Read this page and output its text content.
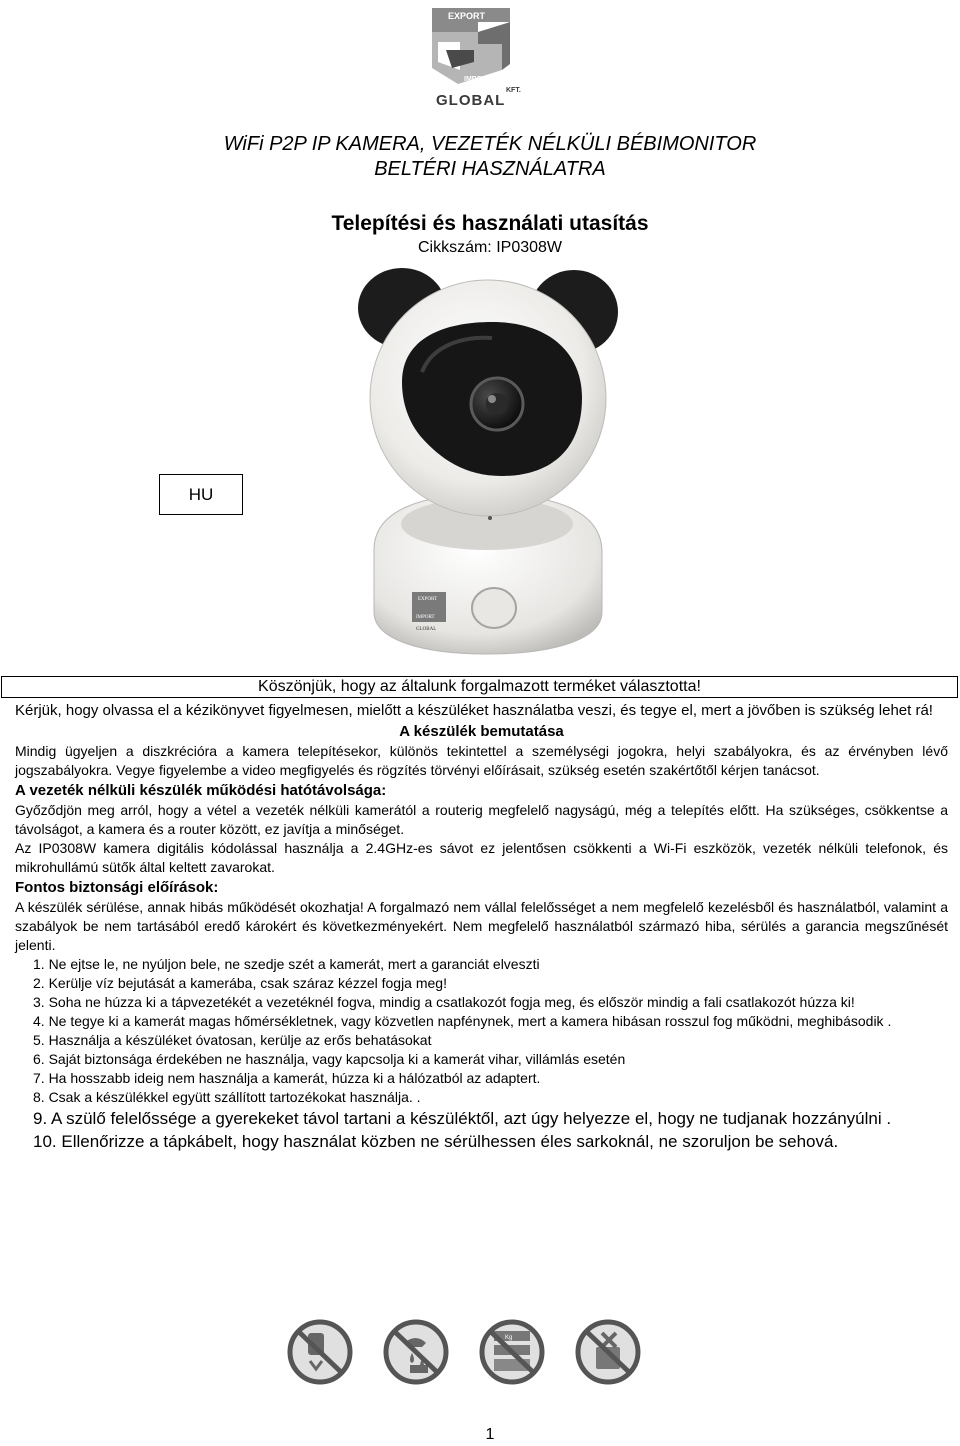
EXPORT
IMPORT
KFT.
GLOBAL
WiFi P2P IP KAMERA, VEZETÉK NÉLKÜLI BÉBIMONITOR
BELTÉRI HASZNÁLATRA
Telepítési és használati utasítás
Cikkszám: IP0308W
EXPORT
IMPORT
GLOBAL
HU
Köszönjük, hogy az általunk forgalmazott terméket választotta!

Kérjük, hogy olvassa el a kézikönyvet figyelmesen, mielőtt a készüléket használatba veszi, és tegye el, mert a jövőben is szükség lehet rá!

A készülék bemutatása

Mindig ügyeljen a diszkrécióra a kamera telepítésekor, különös tekintettel a személységi jogokra, helyi szabályokra, és az érvényben lévő jogszabályokra. Vegye figyelembe a video megfigyelés és rögzítés törvényi előírásait, szükség esetén szakértőtől kérjen tanácsot.

A vezeték nélküli készülék működési hatótávolsága:

Győződjön meg arról, hogy a vétel a vezeték nélküli kamerától a routerig megfelelő nagyságú, még a telepítés előtt. Ha szükséges, csökkentse a távolságot, a kamera és a router között, ez javítja a minőséget.

Az IP0308W kamera digitális kódolással használja a 2.4GHz-es sávot ez jelentősen csökkenti a Wi-Fi eszközök, vezeték nélküli telefonok, és mikrohullámú sütők által keltett zavarokat.

Fontos biztonsági előírások:

A készülék sérülése, annak hibás működését okozhatja! A forgalmazó nem vállal felelősséget a nem megfelelő kezelésből és használatból, valamint a szabályok be nem tartásából eredő károkért és következményekért. Nem megfelelő használatból származó hiba, sérülés a garancia megszűnését jelenti.

1. Ne ejtse le, ne nyúljon bele, ne szedje szét a kamerát, mert a garanciát elveszti

2. Kerülje víz bejutását a kamerába, csak száraz kézzel fogja meg!

3. Soha ne húzza ki a tápvezetékét a vezetéknél fogva, mindig a csatlakozót fogja meg, és először mindig a fali csatlakozót húzza ki!

4. Ne tegye ki a kamerát magas hőmérsékletnek, vagy közvetlen napfénynek, mert a kamera hibásan rosszul fog működni, meghibásodik .

5. Használja a készüléket óvatosan, kerülje az erős behatásokat

6. Saját biztonsága érdekében ne használja, vagy kapcsolja ki a kamerát vihar, villámlás esetén

7. Ha hosszabb ideig nem használja a kamerát, húzza ki a hálózatból az adaptert.

8. Csak a készülékkel együtt szállított tartozékokat használja. .

9. A szülő felelőssége a gyerekeket távol tartani a készüléktől, azt úgy helyezze el, hogy ne tudjanak hozzányúlni .

10. Ellenőrizze a tápkábelt, hogy használat közben ne sérülhessen éles sarkoknál, ne szoruljon be sehová.

Kg
1
